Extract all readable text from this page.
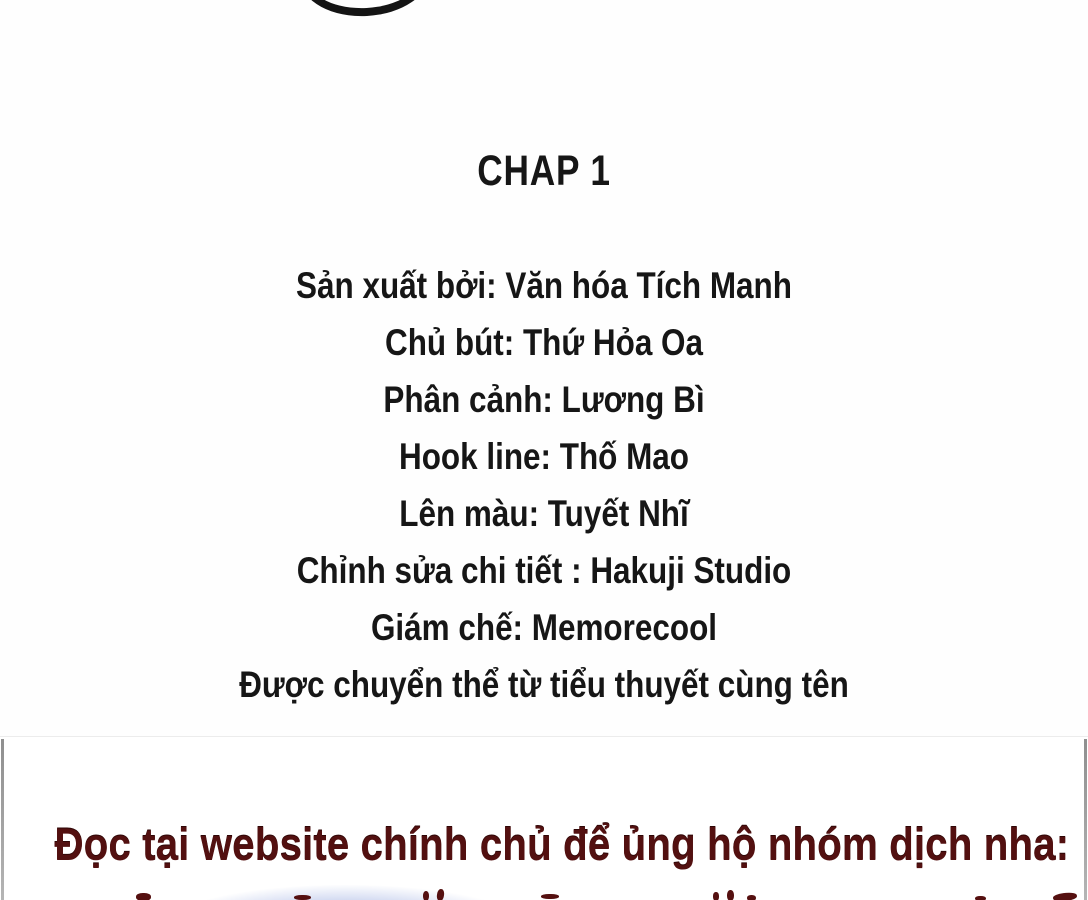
CHAP 1
Sản xuất bởi: Văn hóa Tích Manh
Chủ bút: Thứ Hỏa Oa
Phân cảnh: Lương Bì
Hook line: Thố Mao
Lên màu: Tuyết Nhĩ
Chỉnh sửa chi tiết : Hakuji Studio
Giám chế: Memorecool
Được chuyển thể từ tiểu thuyết cùng tên
Đọc tại website chính chủ để ủng hộ nhóm dịch nha:
